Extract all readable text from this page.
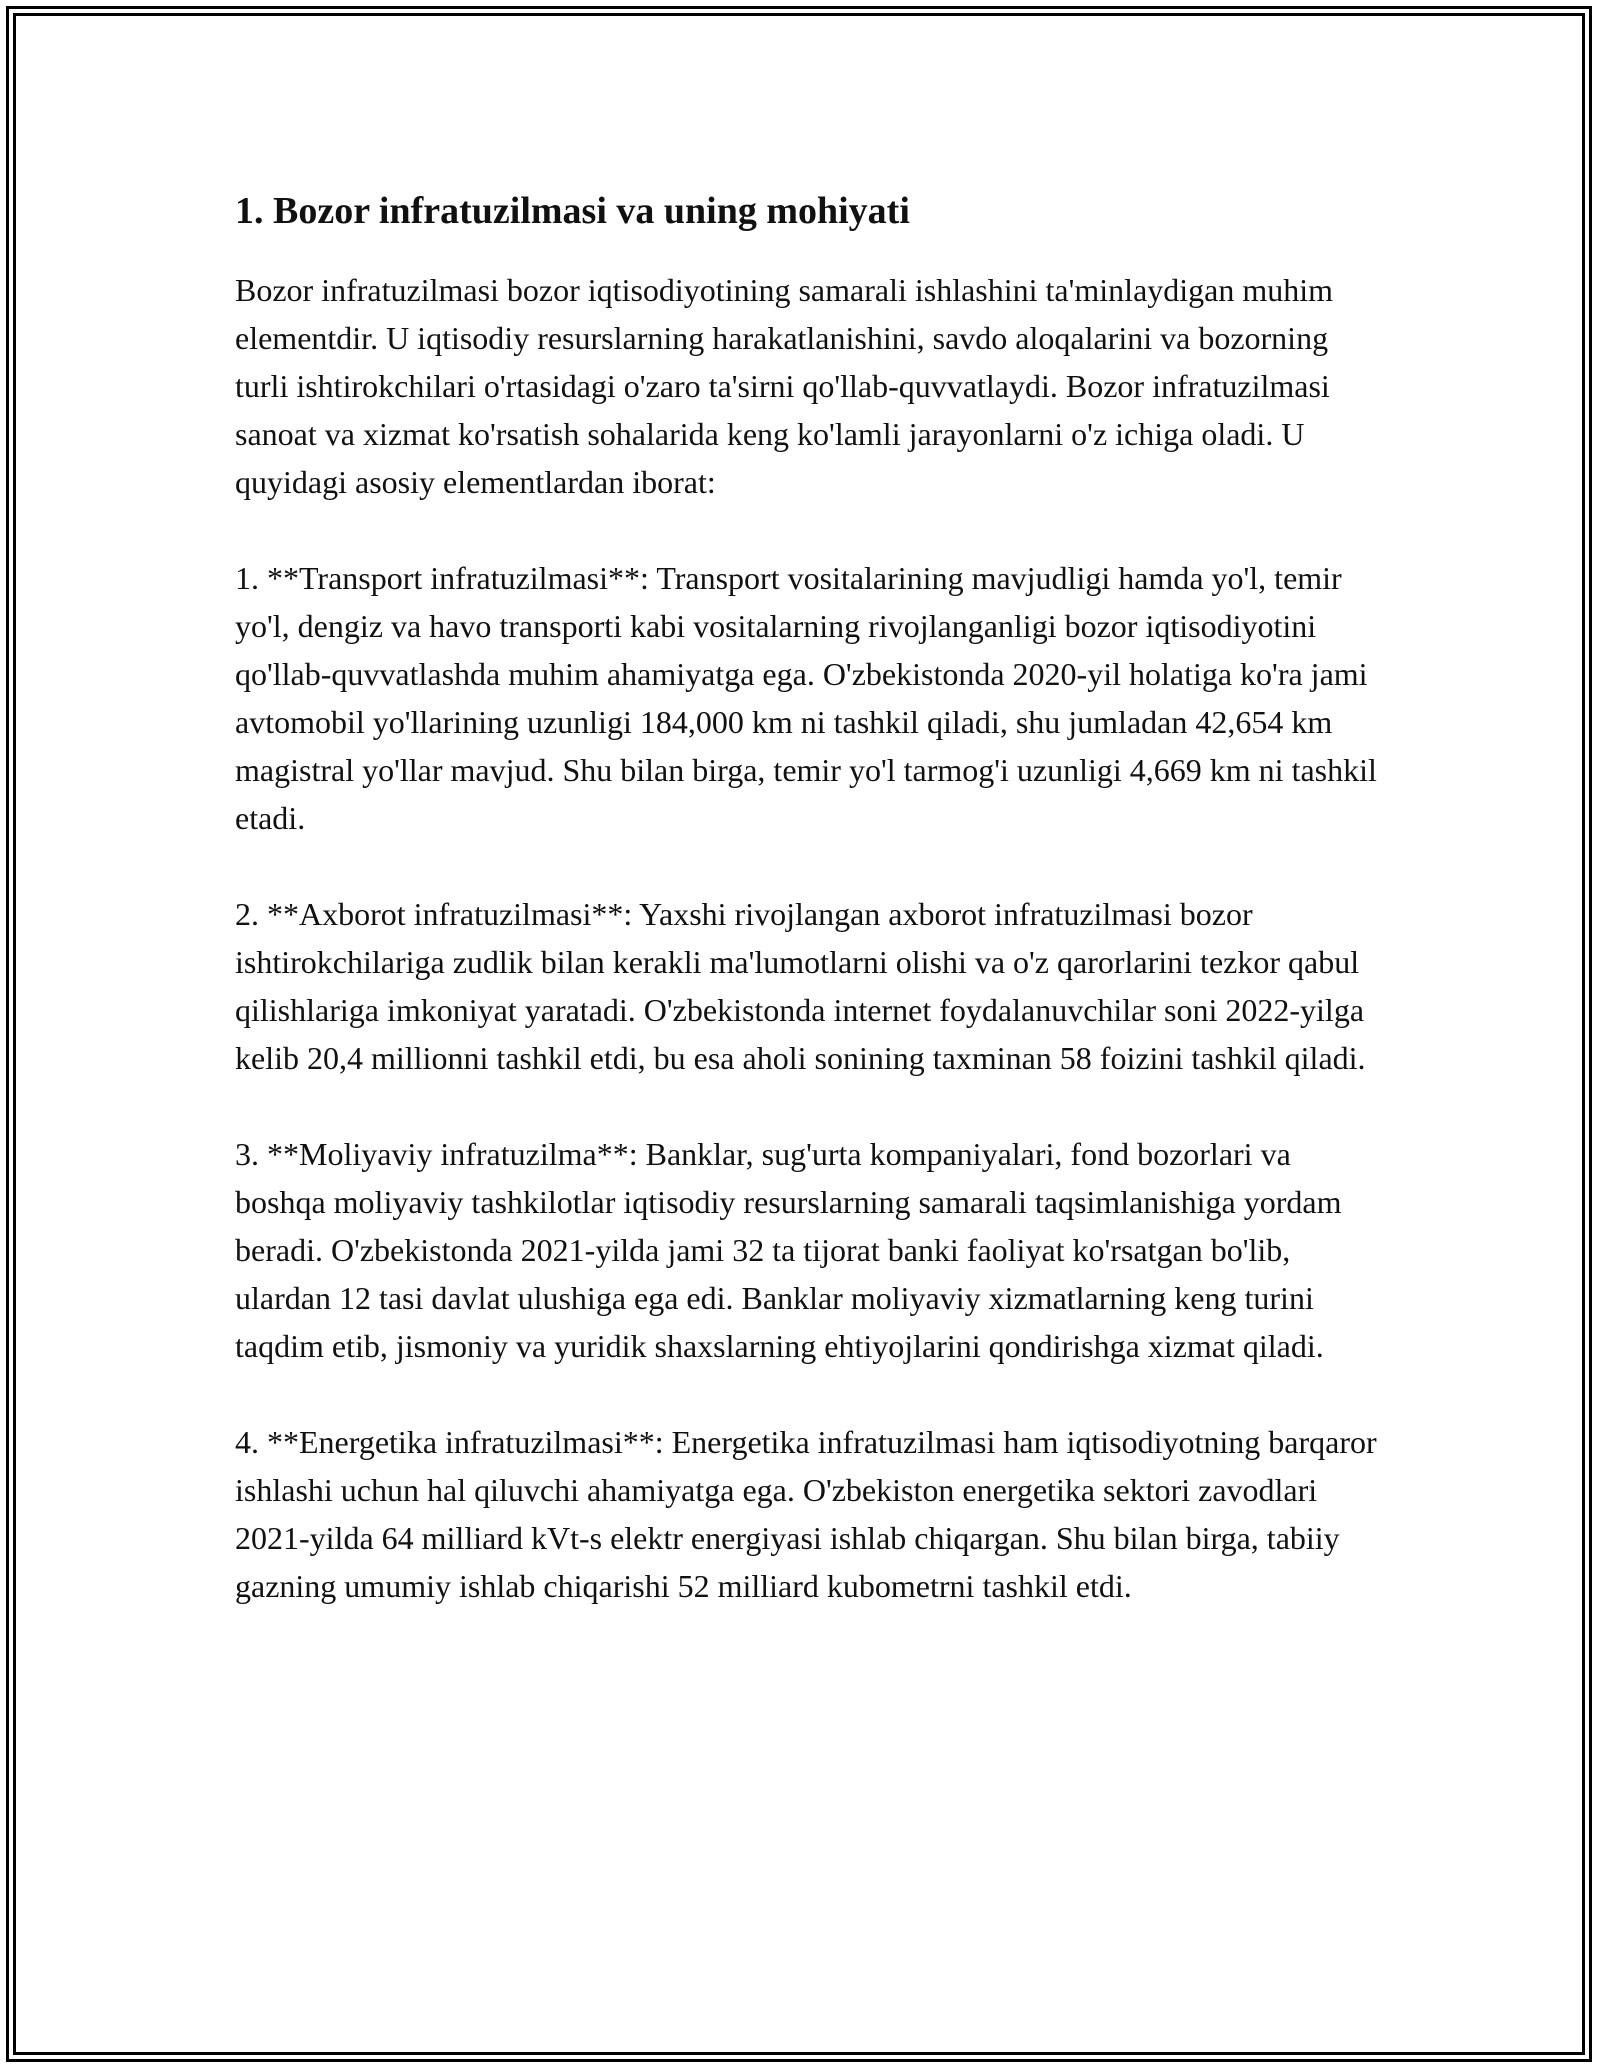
1. Bozor infratuzilmasi va uning mohiyati

Bozor infratuzilmasi bozor iqtisodiyotining samarali ishlashini ta'minlaydigan muhim elementdir. U iqtisodiy resurslarning harakatlanishini, savdo aloqalarini va bozorning turli ishtirokchilari o'rtasidagi o'zaro ta'sirni qo'llab-quvvatlaydi. Bozor infratuzilmasi sanoat va xizmat ko'rsatish sohalarida keng ko'lamli jarayonlarni o'z ichiga oladi. U quyidagi asosiy elementlardan iborat:

1. **Transport infratuzilmasi**: Transport vositalarining mavjudligi hamda yo'l, temir yo'l, dengiz va havo transporti kabi vositalarning rivojlanganligi bozor iqtisodiyotini qo'llab-quvvatlashda muhim ahamiyatga ega. O'zbekistonda 2020-yil holatiga ko'ra jami avtomobil yo'llarining uzunligi 184,000 km ni tashkil qiladi, shu jumladan 42,654 km magistral yo'llar mavjud. Shu bilan birga, temir yo'l tarmog'i uzunligi 4,669 km ni tashkil etadi.

2. **Axborot infratuzilmasi**: Yaxshi rivojlangan axborot infratuzilmasi bozor ishtirokchilariga zudlik bilan kerakli ma'lumotlarni olishi va o'z qarorlarini tezkor qabul qilishlariga imkoniyat yaratadi. O'zbekistonda internet foydalanuvchilar soni 2022-yilga kelib 20,4 millionni tashkil etdi, bu esa aholi sonining taxminan 58 foizini tashkil qiladi.

3. **Moliyaviy infratuzilma**: Banklar, sug'urta kompaniyalari, fond bozorlari va boshqa moliyaviy tashkilotlar iqtisodiy resurslarning samarali taqsimlanishiga yordam beradi. O'zbekistonda 2021-yilda jami 32 ta tijorat banki faoliyat ko'rsatgan bo'lib, ulardan 12 tasi davlat ulushiga ega edi. Banklar moliyaviy xizmatlarning keng turini taqdim etib, jismoniy va yuridik shaxslarning ehtiyojlarini qondirishga xizmat qiladi.

4. **Energetika infratuzilmasi**: Energetika infratuzilmasi ham iqtisodiyotning barqaror ishlashi uchun hal qiluvchi ahamiyatga ega. O'zbekiston energetika sektori zavodlari 2021-yilda 64 milliard kVt-s elektr energiyasi ishlab chiqargan. Shu bilan birga, tabiiy gazning umumiy ishlab chiqarishi 52 milliard kubometrni tashkil etdi.
